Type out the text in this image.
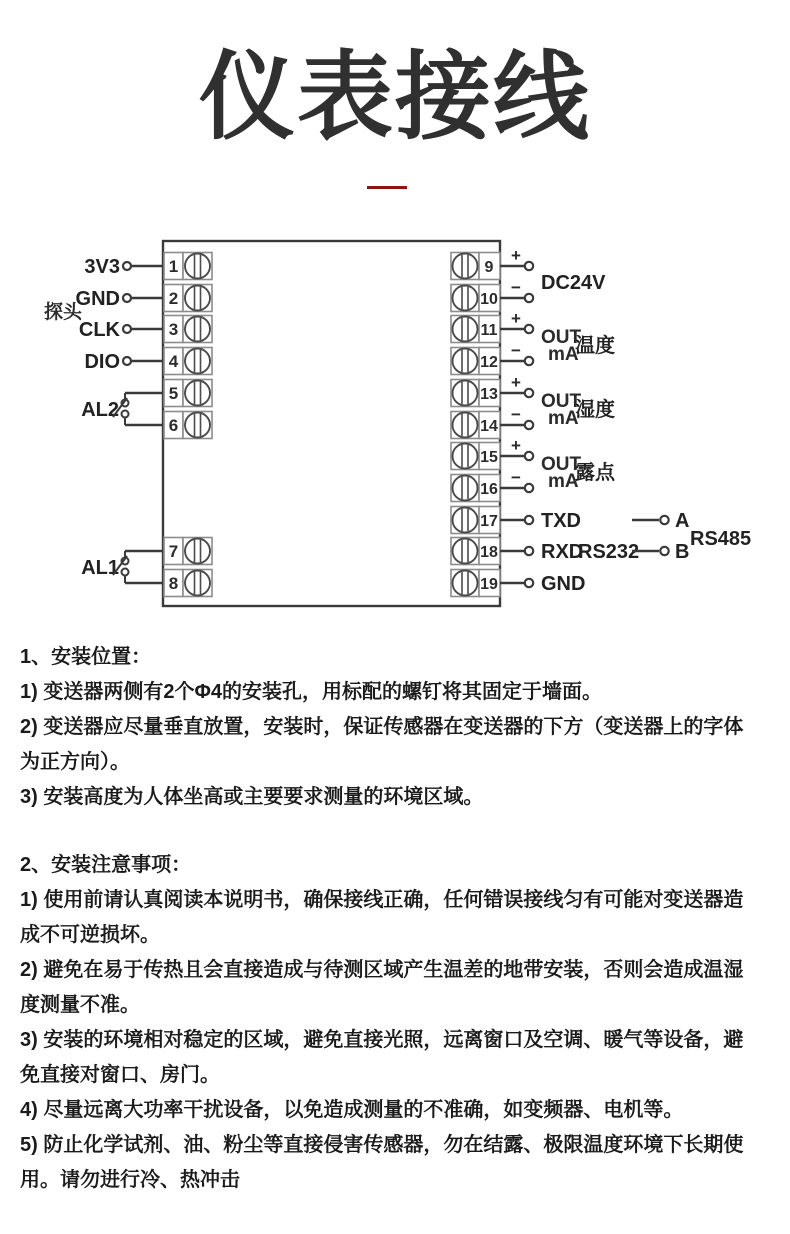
仪表接线
3V3
GND
CLK
DIO
探头
AL2
AL1
1
2
3
4
5
6
7
8
9
10
11
12
13
14
15
16
17
18
19
+
−
+
−
+
−
+
−
DC24V
OUT
mA
温度
OUT
mA
湿度
OUT
mA
露点
TXD
RXD
RS232
GND
A
B
RS485
1、安装位置：
1) 变送器两侧有2个Φ4的安装孔，用标配的螺钉将其固定于墙面。
2) 变送器应尽量垂直放置，安装时，保证传感器在变送器的下方（变送器上的字体
为正方向）。
3) 安装高度为人体坐高或主要要求测量的环境区域。
2、安装注意事项：
1) 使用前请认真阅读本说明书，确保接线正确，任何错误接线匀有可能对变送器造
成不可逆损坏。
2) 避免在易于传热且会直接造成与待测区域产生温差的地带安装，否则会造成温湿
度测量不准。
3) 安装的环境相对稳定的区域，避免直接光照，远离窗口及空调、暖气等设备，避
免直接对窗口、房门。
4) 尽量远离大功率干扰设备，以免造成测量的不准确，如变频器、电机等。
5) 防止化学试剂、油、粉尘等直接侵害传感器，勿在结露、极限温度环境下长期使
用。请勿进行冷、热冲击
